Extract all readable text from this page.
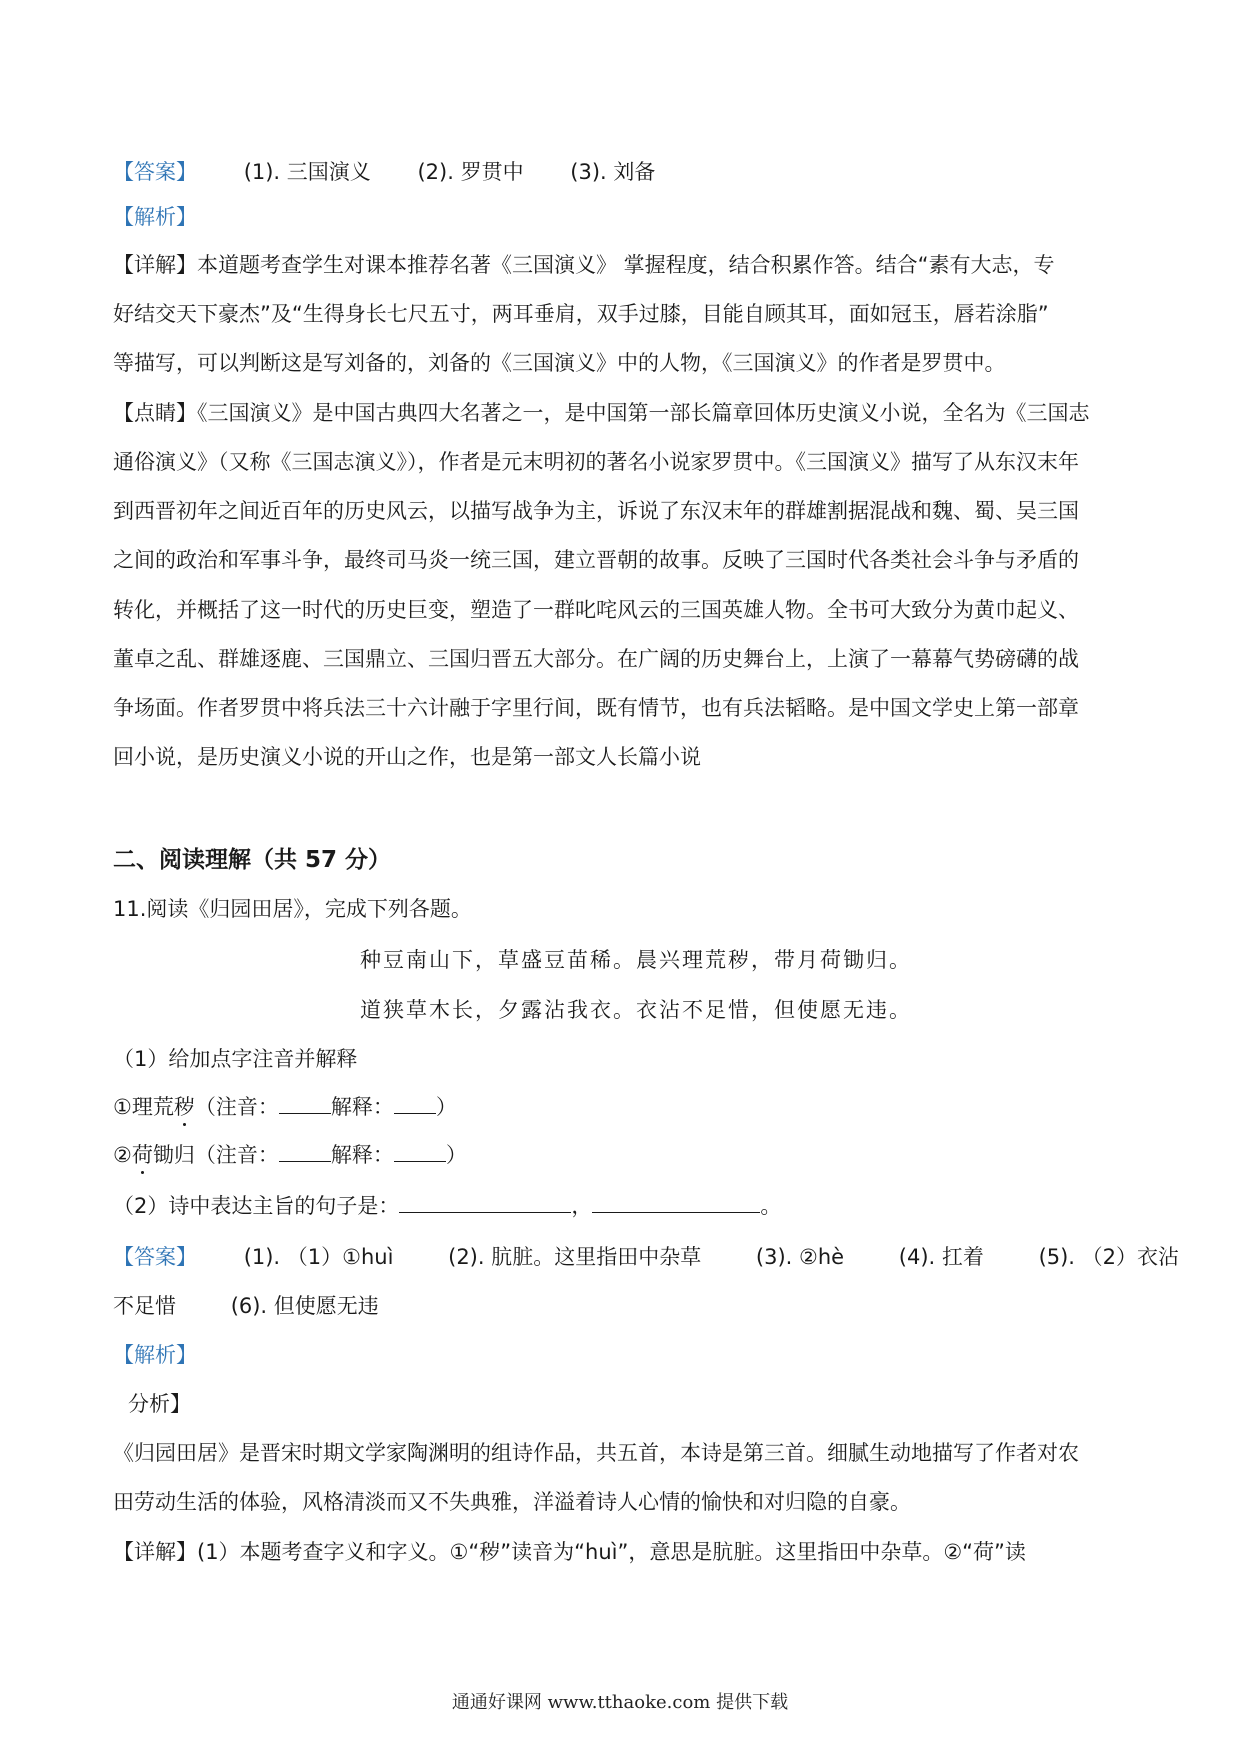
【答案】 (1). 三国演义 (2). 罗贯中 (3). 刘备
【解析】
【详解】本道题考查学生对课本推荐名著《三国演义》 掌握程度，结合积累作答。结合“素有大志，专
好结交天下豪杰”及“生得身长七尺五寸，两耳垂肩，双手过膝，目能自顾其耳，面如冠玉，唇若涂脂”
等描写，可以判断这是写刘备的，刘备的《三国演义》中的人物，《三国演义》的作者是罗贯中。
【点睛】《三国演义》是中国古典四大名著之一，是中国第一部长篇章回体历史演义小说，全名为《三国志
通俗演义》（又称《三国志演义》），作者是元末明初的著名小说家罗贯中。《三国演义》描写了从东汉末年
到西晋初年之间近百年的历史风云，以描写战争为主，诉说了东汉末年的群雄割据混战和魏、蜀、吴三国
之间的政治和军事斗争，最终司马炎一统三国，建立晋朝的故事。反映了三国时代各类社会斗争与矛盾的
转化，并概括了这一时代的历史巨变，塑造了一群叱咤风云的三国英雄人物。全书可大致分为黄巾起义、
董卓之乱、群雄逐鹿、三国鼎立、三国归晋五大部分。在广阔的历史舞台上，上演了一幕幕气势磅礴的战
争场面。作者罗贯中将兵法三十六计融于字里行间，既有情节，也有兵法韬略。是中国文学史上第一部章
回小说，是历史演义小说的开山之作，也是第一部文人长篇小说
二、阅读理解（共 57 分）
11.阅读《归园田居》，完成下列各题。
种豆南山下，草盛豆苗稀。晨兴理荒秽，带月荷锄归。
道狭草木长，夕露沾我衣。衣沾不足惜，但使愿无违。
（1）给加点字注音并解释
①理荒秽（注音： 解释： ）
②荷锄归（注音： 解释： ）
（2）诗中表达主旨的句子是：	，	。
【答案】 (1). （1）①huì	(2). 肮脏。这里指田中杂草	(3). ②hè	(4). 扛着	(5). （2）衣沾
不足惜	(6). 但使愿无违
【解析】
分析】
《归园田居》是晋宋时期文学家陶渊明的组诗作品，共五首，本诗是第三首。细腻生动地描写了作者对农
田劳动生活的体验，风格清淡而又不失典雅，洋溢着诗人心情的愉快和对归隐的自豪。
【详解】(1）本题考查字义和字义。①“秽”读音为“huì”，意思是肮脏。这里指田中杂草。②“荷”读
通通好课网 www.tthaoke.com 提供下载
